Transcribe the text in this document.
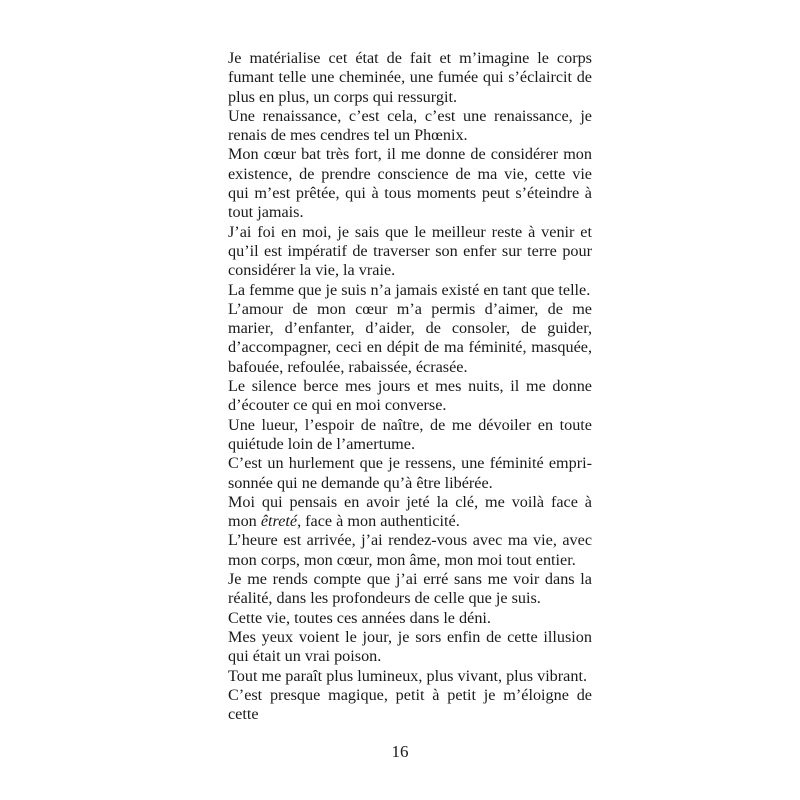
Je matérialise cet état de fait et m’imagine le corps fumant telle une cheminée, une fumée qui s’éclaircit de plus en plus, un corps qui ressurgit.

Une renaissance, c’est cela, c’est une renaissance, je renais de mes cendres tel un Phœnix.

Mon cœur bat très fort, il me donne de considérer mon existence, de prendre conscience de ma vie, cette vie qui m’est prêtée, qui à tous moments peut s’éteindre à tout jamais.

J’ai foi en moi, je sais que le meilleur reste à venir et qu’il est impératif de traverser son enfer sur terre pour considérer la vie, la vraie.

La femme que je suis n’a jamais existé en tant que telle.

L’amour de mon cœur m’a permis d’aimer, de me marier, d’enfanter, d’aider, de consoler, de guider, d’accompagner, ceci en dépit de ma féminité, masquée, bafouée, refoulée, rabaissée, écrasée.

Le silence berce mes jours et mes nuits, il me donne d’écouter ce qui en moi converse.

Une lueur, l’espoir de naître, de me dévoiler en toute quiétude loin de l’amertume.

C’est un hurlement que je ressens, une féminité emprisonnée qui ne demande qu’à être libérée.

Moi qui pensais en avoir jeté la clé, me voilà face à mon êtreté, face à mon authenticité.

L’heure est arrivée, j’ai rendez-vous avec ma vie, avec mon corps, mon cœur, mon âme, mon moi tout entier.

Je me rends compte que j’ai erré sans me voir dans la réalité, dans les profondeurs de celle que je suis.

Cette vie, toutes ces années dans le déni.

Mes yeux voient le jour, je sors enfin de cette illusion qui était un vrai poison.

Tout me paraît plus lumineux, plus vivant, plus vibrant.

C’est presque magique, petit à petit je m’éloigne de cette

16
